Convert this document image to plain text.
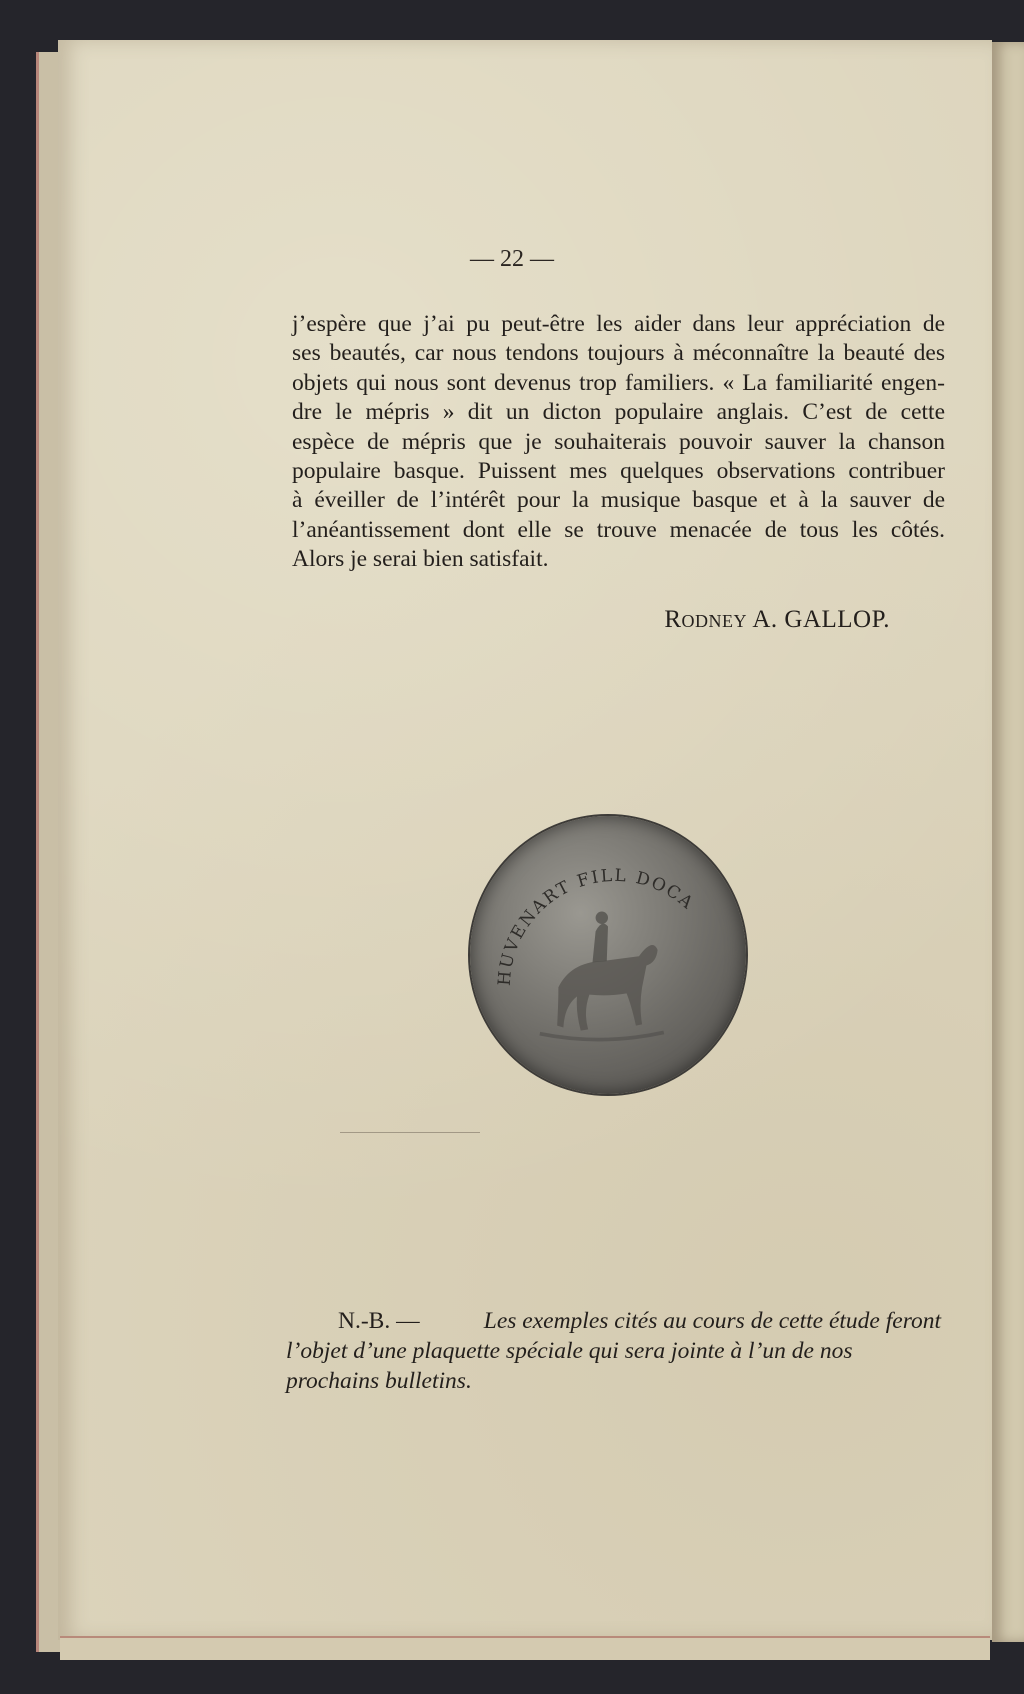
— 22 —
j’espère que j’ai pu peut-être les aider dans leur appréciation de
ses beautés, car nous tendons toujours à méconnaître la beauté des
objets qui nous sont devenus trop familiers. « La familiarité engen-
dre le mépris » dit un dicton populaire anglais. C’est de cette
espèce de mépris que je souhaiterais pouvoir sauver la chanson
populaire basque. Puissent mes quelques observations contribuer
à éveiller de l’intérêt pour la musique basque et à la sauver de
l’anéantissement dont elle se trouve menacée de tous les côtés.
Alors je serai bien satisfait.
Rodney A. GALLOP.
HUVENART FILL DOCA
N.-B. —	Les exemples cités au cours de cette étude feront
l’objet d’une plaquette spéciale qui sera jointe à l’un de nos
prochains bulletins.
